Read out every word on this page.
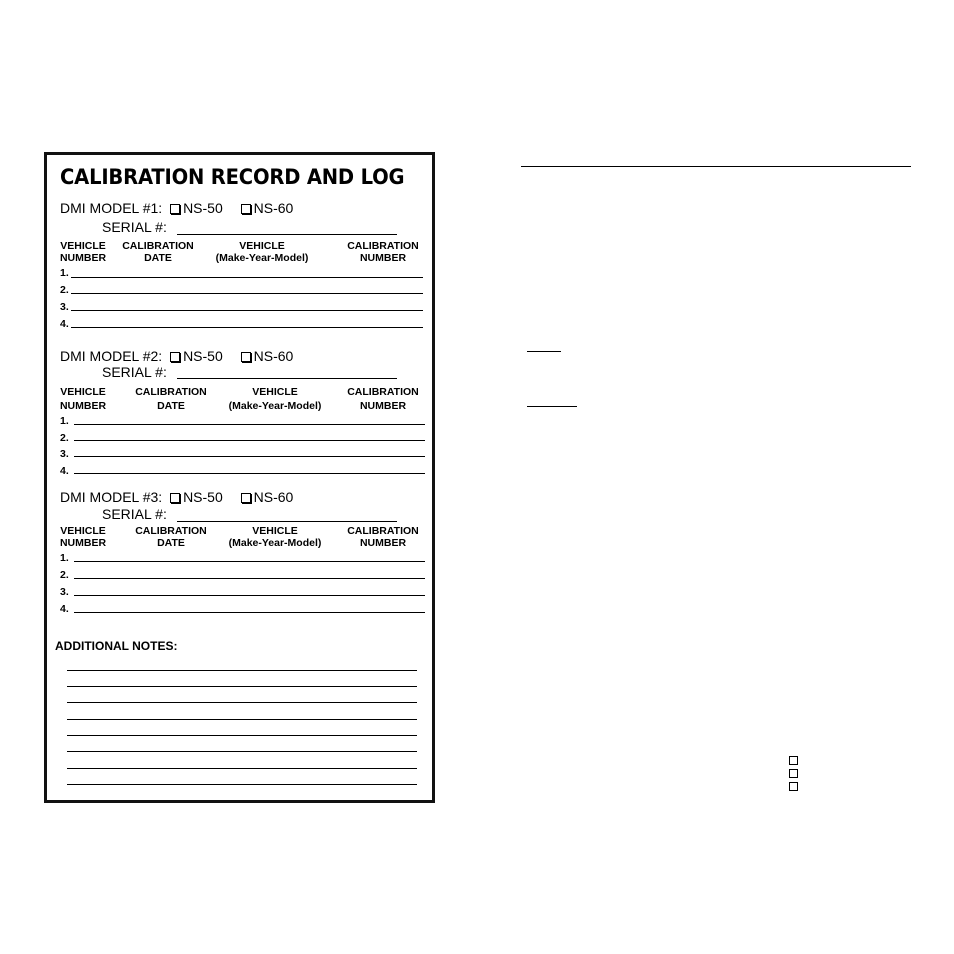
CALIBRATION RECORD AND LOG
DMI MODEL #1: NS-50 NS-60
SERIAL #:
VEHICLE
NUMBER
CALIBRATION
DATE
VEHICLE
(Make-Year-Model)
CALIBRATION
NUMBER
1.
2.
3.
4.
DMI MODEL #2: NS-50 NS-60
SERIAL #:
VEHICLE
NUMBER
CALIBRATION
DATE
VEHICLE
(Make-Year-Model)
CALIBRATION
NUMBER
1.
2.
3.
4.
DMI MODEL #3: NS-50 NS-60
SERIAL #:
VEHICLE
NUMBER
CALIBRATION
DATE
VEHICLE
(Make-Year-Model)
CALIBRATION
NUMBER
1.
2.
3.
4.
ADDITIONAL NOTES:
